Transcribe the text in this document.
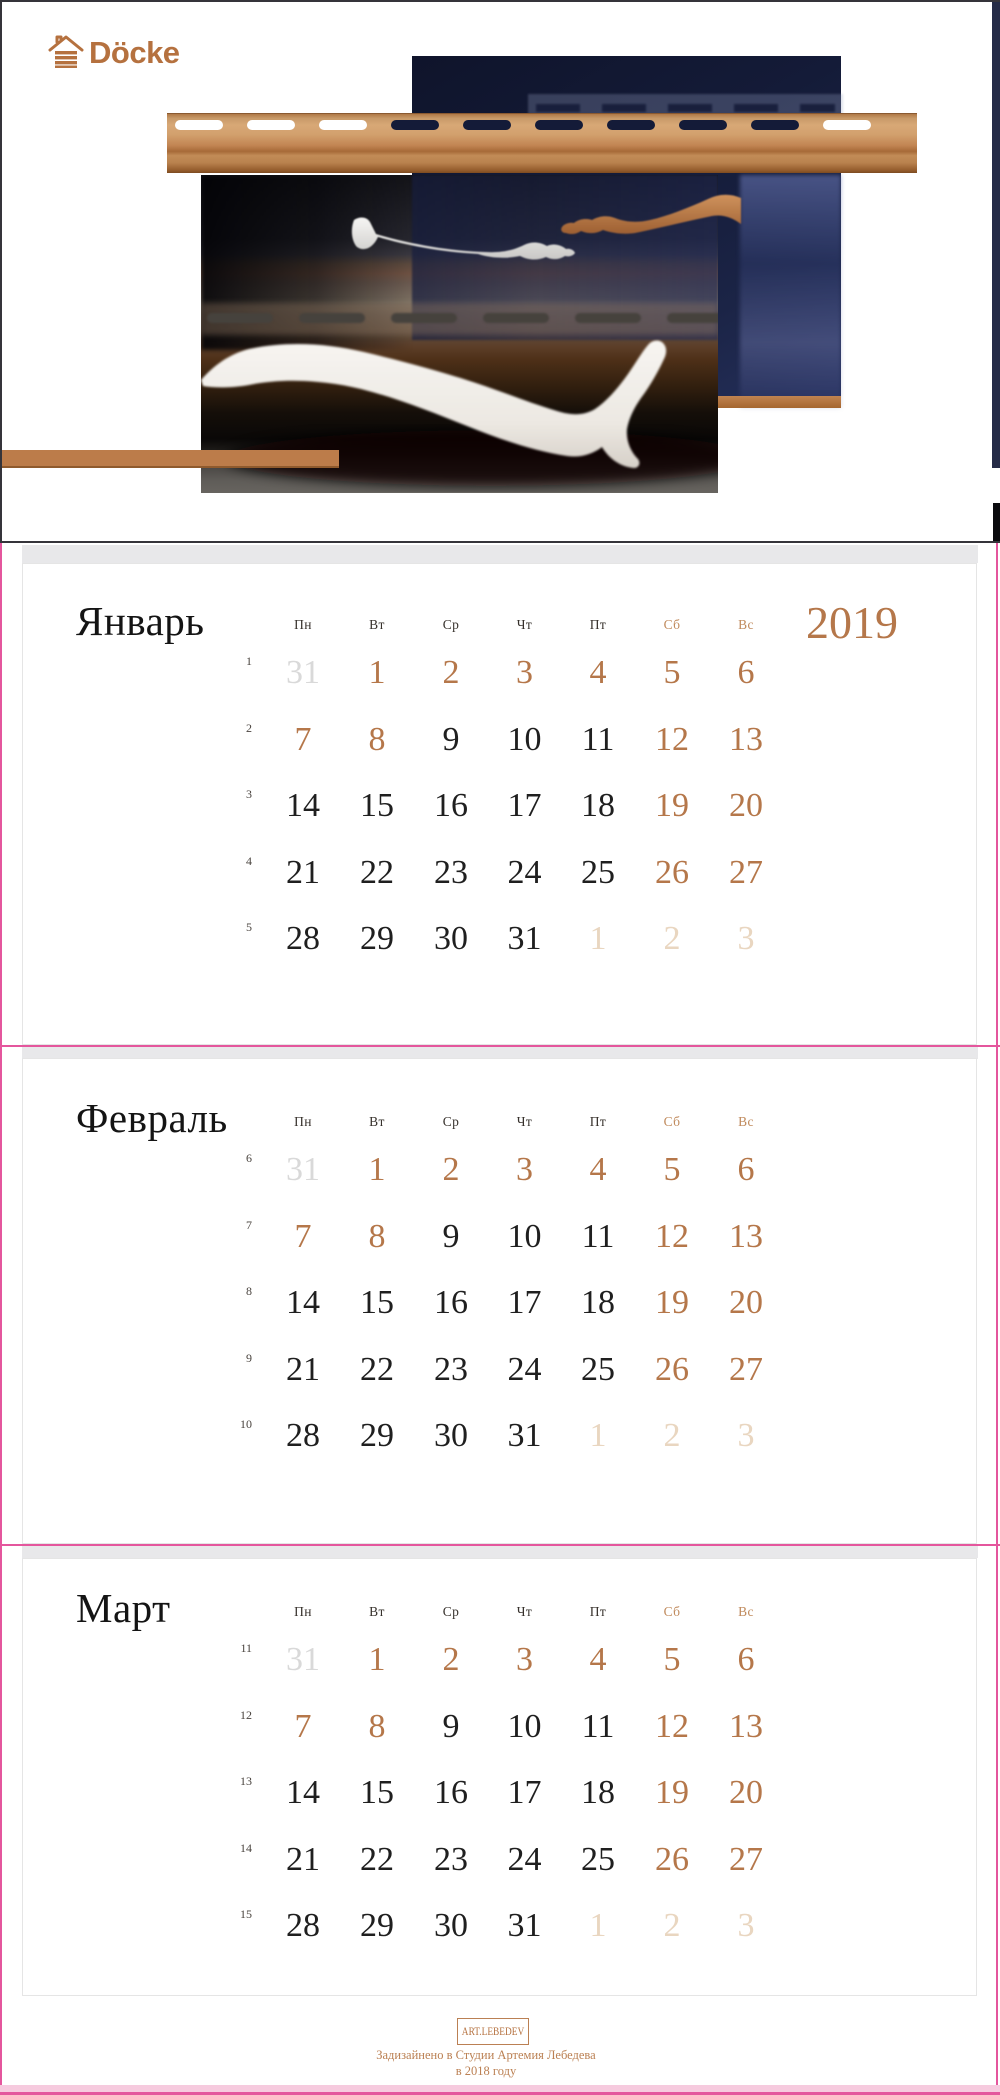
Döcke
Январь	2019
Пн	Вт	Ср	Чт	Пт	Сб	Вс
1	31	1	2	3	4	5	6
2	7	8	9	10	11	12	13
3	14	15	16	17	18	19	20
4	21	22	23	24	25	26	27
5	28	29	30	31	1	2	3
Февраль	Пн	Вт	Ср	Чт	Пт	Сб	Вс
6	31	1	2	3	4	5	6
7	7	8	9	10	11	12	13
8	14	15	16	17	18	19	20
9	21	22	23	24	25	26	27
10	28	29	30	31	1	2	3
Март	Пн	Вт	Ср	Чт	Пт	Сб	Вс
11	31	1	2	3	4	5	6
12	7	8	9	10	11	12	13
13	14	15	16	17	18	19	20
14	21	22	23	24	25	26	27
15	28	29	30	31	1	2	3
ART.LEBEDEV
Задизайнено в Студии Артемия Лебедева
в 2018 году
